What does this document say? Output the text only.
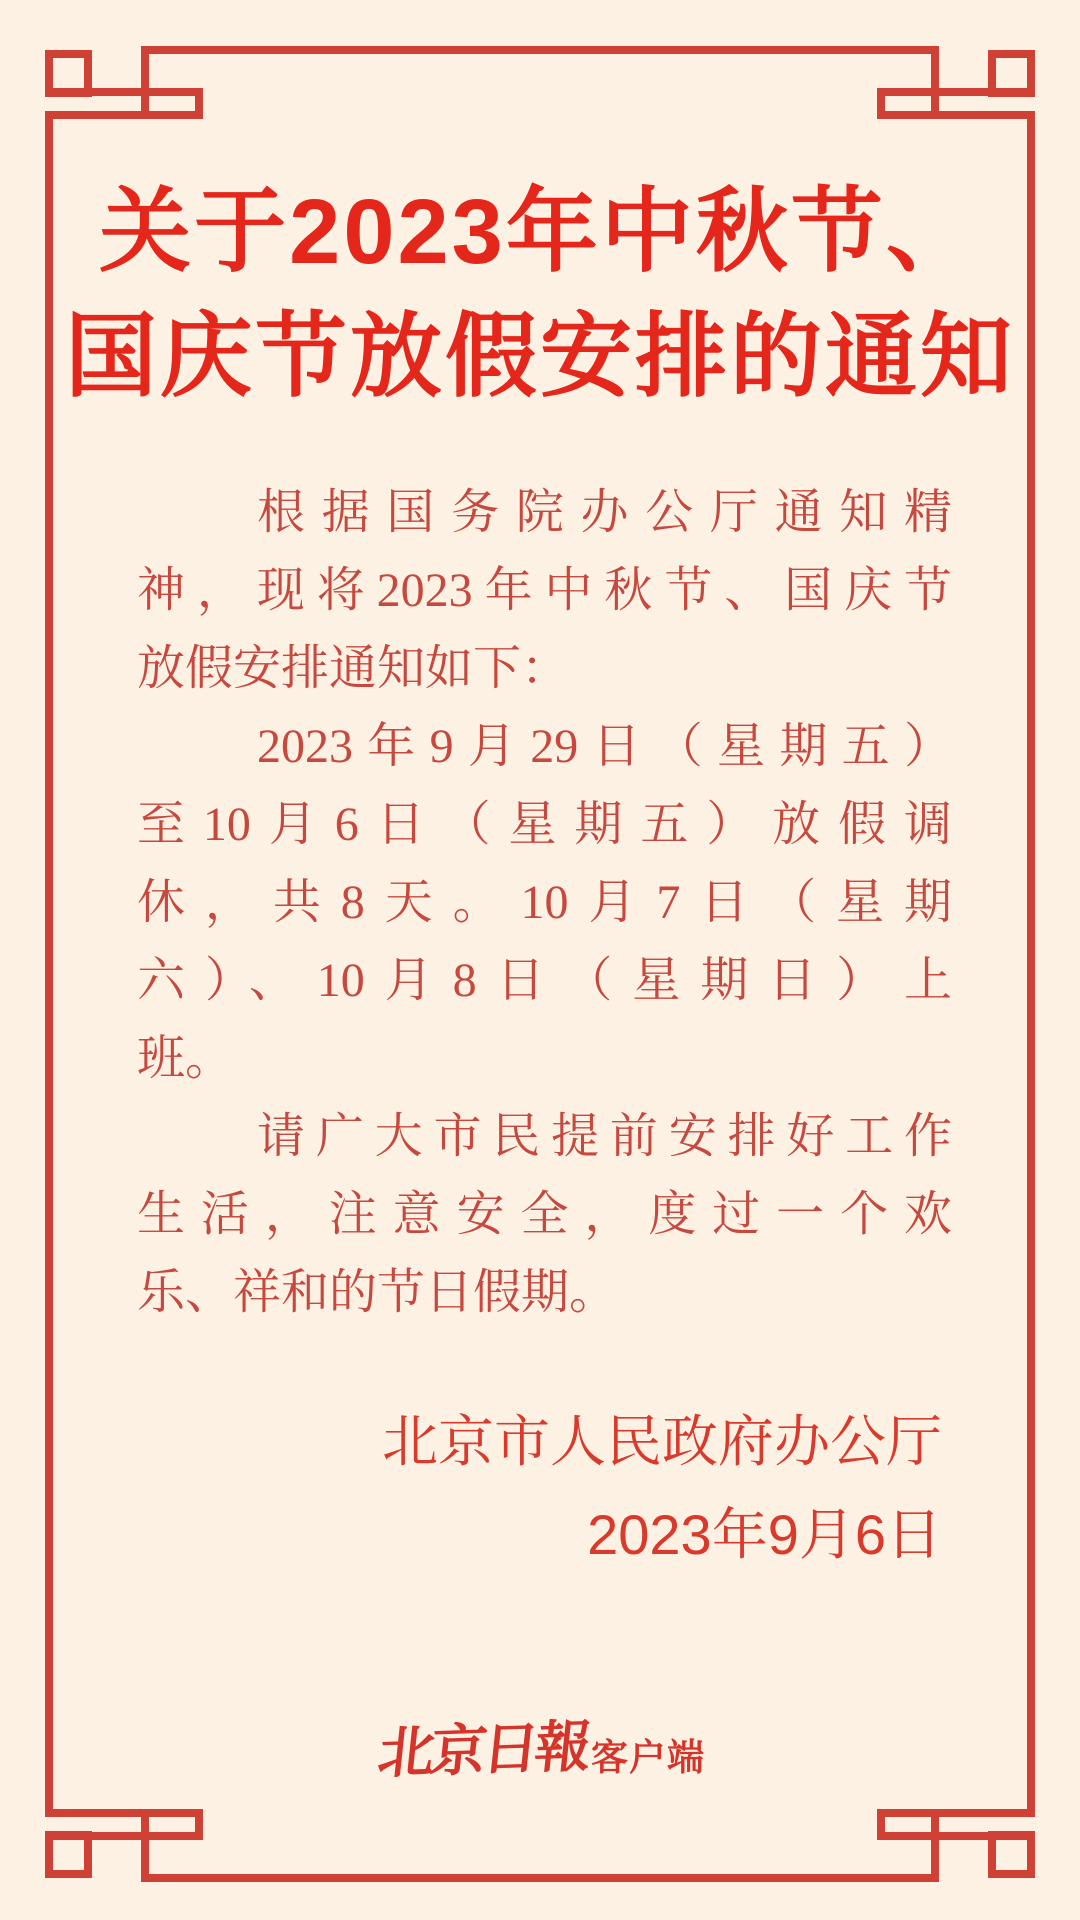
关于2023年中秋节、
国庆节放假安排的通知
根据国务院办公厅通知精
神，现将2023年中秋节、国庆节
放假安排通知如下：
2023年9月29日（星期五）
至10月6日（星期五）放假调
休，共8天。10月7日（星期
六）、10月8日（星期日）上
班。
请广大市民提前安排好工作
生活，注意安全，度过一个欢
乐、祥和的节日假期。
北京市人民政府办公厅
2023年9月6日
北京日報 客户端
